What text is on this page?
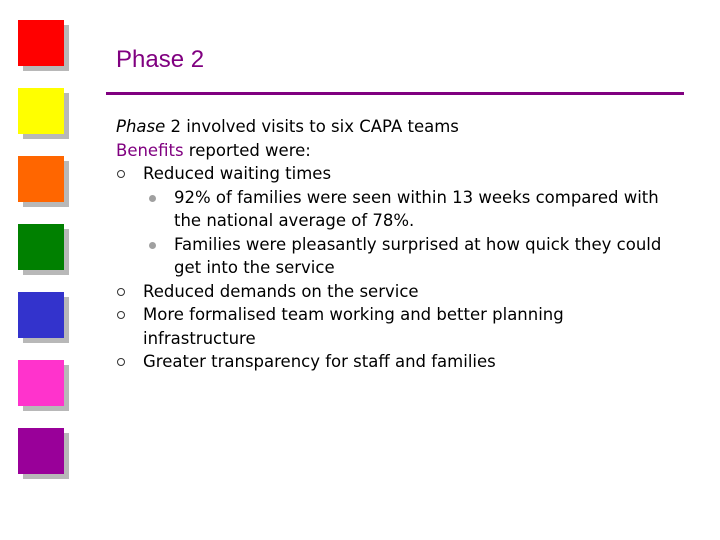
Phase 2
Phase 2 involved visits to six CAPA teams
Benefits reported were:
Reduced waiting times
92% of families were seen within 13 weeks compared with
the national average of 78%.
Families were pleasantly surprised at how quick they could
get into the service
Reduced demands on the service
More formalised team working and better planning
infrastructure
Greater transparency for staff and families
